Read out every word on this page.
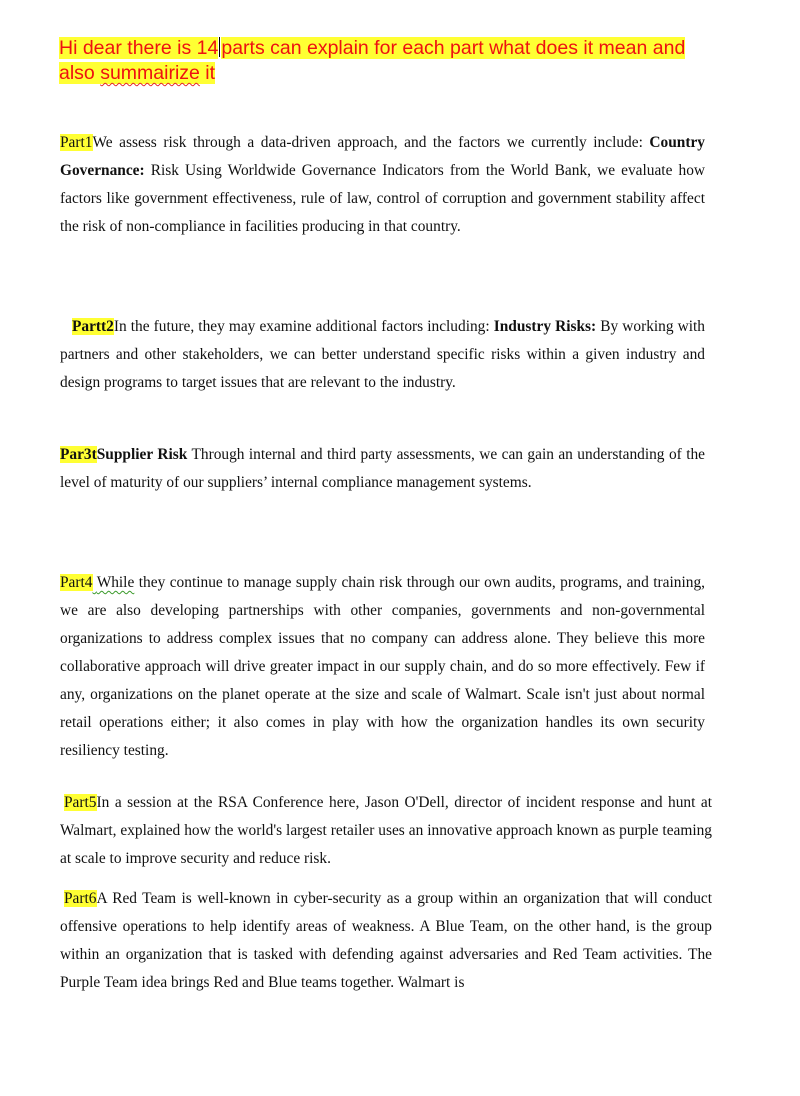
Hi dear there is 14 parts can explain for each part what does it mean and also summairize it
Part1We assess risk through a data-driven approach, and the factors we currently include: Country Governance: Risk Using Worldwide Governance Indicators from the World Bank, we evaluate how factors like government effectiveness, rule of law, control of corruption and government stability affect the risk of non-compliance in facilities producing in that country.
Partt2In the future, they may examine additional factors including: Industry Risks: By working with partners and other stakeholders, we can better understand specific risks within a given industry and design programs to target issues that are relevant to the industry.
Par3tSupplier Risk Through internal and third party assessments, we can gain an understanding of the level of maturity of our suppliers’ internal compliance management systems.
Part4 While they continue to manage supply chain risk through our own audits, programs, and training, we are also developing partnerships with other companies, governments and non-governmental organizations to address complex issues that no company can address alone. They believe this more collaborative approach will drive greater impact in our supply chain, and do so more effectively. Few if any, organizations on the planet operate at the size and scale of Walmart. Scale isn't just about normal retail operations either; it also comes in play with how the organization handles its own security resiliency testing.
Part5In a session at the RSA Conference here, Jason O'Dell, director of incident response and hunt at Walmart, explained how the world's largest retailer uses an innovative approach known as purple teaming at scale to improve security and reduce risk.
Part6A Red Team is well-known in cyber-security as a group within an organization that will conduct offensive operations to help identify areas of weakness. A Blue Team, on the other hand, is the group within an organization that is tasked with defending against adversaries and Red Team activities. The Purple Team idea brings Red and Blue teams together. Walmart is
